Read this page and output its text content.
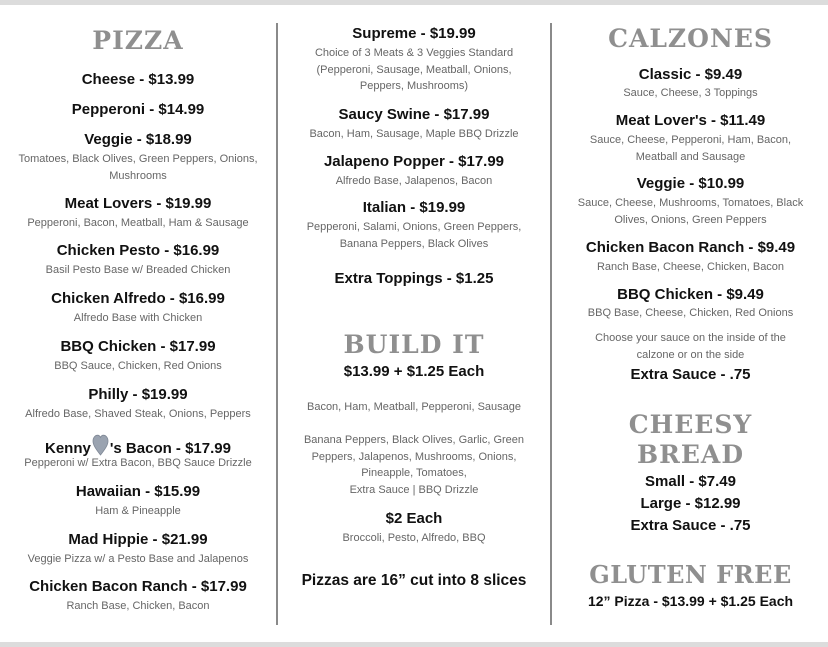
PIZZA
Cheese - $13.99
Pepperoni - $14.99
Veggie - $18.99
Tomatoes, Black Olives, Green Peppers, Onions, Mushrooms
Meat Lovers - $19.99
Pepperoni, Bacon, Meatball, Ham & Sausage
Chicken Pesto - $16.99
Basil Pesto Base w/ Breaded Chicken
Chicken Alfredo - $16.99
Alfredo Base with Chicken
BBQ Chicken - $17.99
BBQ Sauce, Chicken, Red Onions
Philly - $19.99
Alfredo Base, Shaved Steak, Onions, Peppers
Kenny 's Bacon - $17.99
Pepperoni w/ Extra Bacon, BBQ Sauce Drizzle
Hawaiian - $15.99
Ham & Pineapple
Mad Hippie - $21.99
Veggie Pizza w/ a Pesto Base and Jalapenos
Chicken Bacon Ranch - $17.99
Ranch Base, Chicken, Bacon
Supreme - $19.99
Choice of 3 Meats & 3 Veggies Standard (Pepperoni, Sausage, Meatball, Onions, Peppers, Mushrooms)
Saucy Swine - $17.99
Bacon, Ham, Sausage, Maple BBQ Drizzle
Jalapeno Popper - $17.99
Alfredo Base, Jalapenos, Bacon
Italian - $19.99
Pepperoni, Salami, Onions, Green Peppers, Banana Peppers, Black Olives
Extra Toppings - $1.25
BUILD IT
$13.99 + $1.25 Each
Bacon, Ham, Meatball, Pepperoni, Sausage
Banana Peppers, Black Olives, Garlic, Green Peppers, Jalapenos, Mushrooms, Onions, Pineapple, Tomatoes,
Extra Sauce | BBQ Drizzle
$2 Each
Broccoli, Pesto, Alfredo, BBQ
Pizzas are 16” cut into 8 slices
CALZONES
Classic - $9.49
Sauce, Cheese, 3 Toppings
Meat Lover's - $11.49
Sauce, Cheese, Pepperoni, Ham, Bacon, Meatball and Sausage
Veggie - $10.99
Sauce, Cheese, Mushrooms, Tomatoes, Black Olives, Onions, Green Peppers
Chicken Bacon Ranch - $9.49
Ranch Base, Cheese, Chicken, Bacon
BBQ Chicken - $9.49
BBQ Base, Cheese, Chicken, Red Onions
Choose your sauce on the inside of the calzone or on the side
Extra Sauce - .75
CHEESY
BREAD
Small - $7.49
Large - $12.99
Extra Sauce - .75
GLUTEN FREE
12” Pizza - $13.99 + $1.25 Each
